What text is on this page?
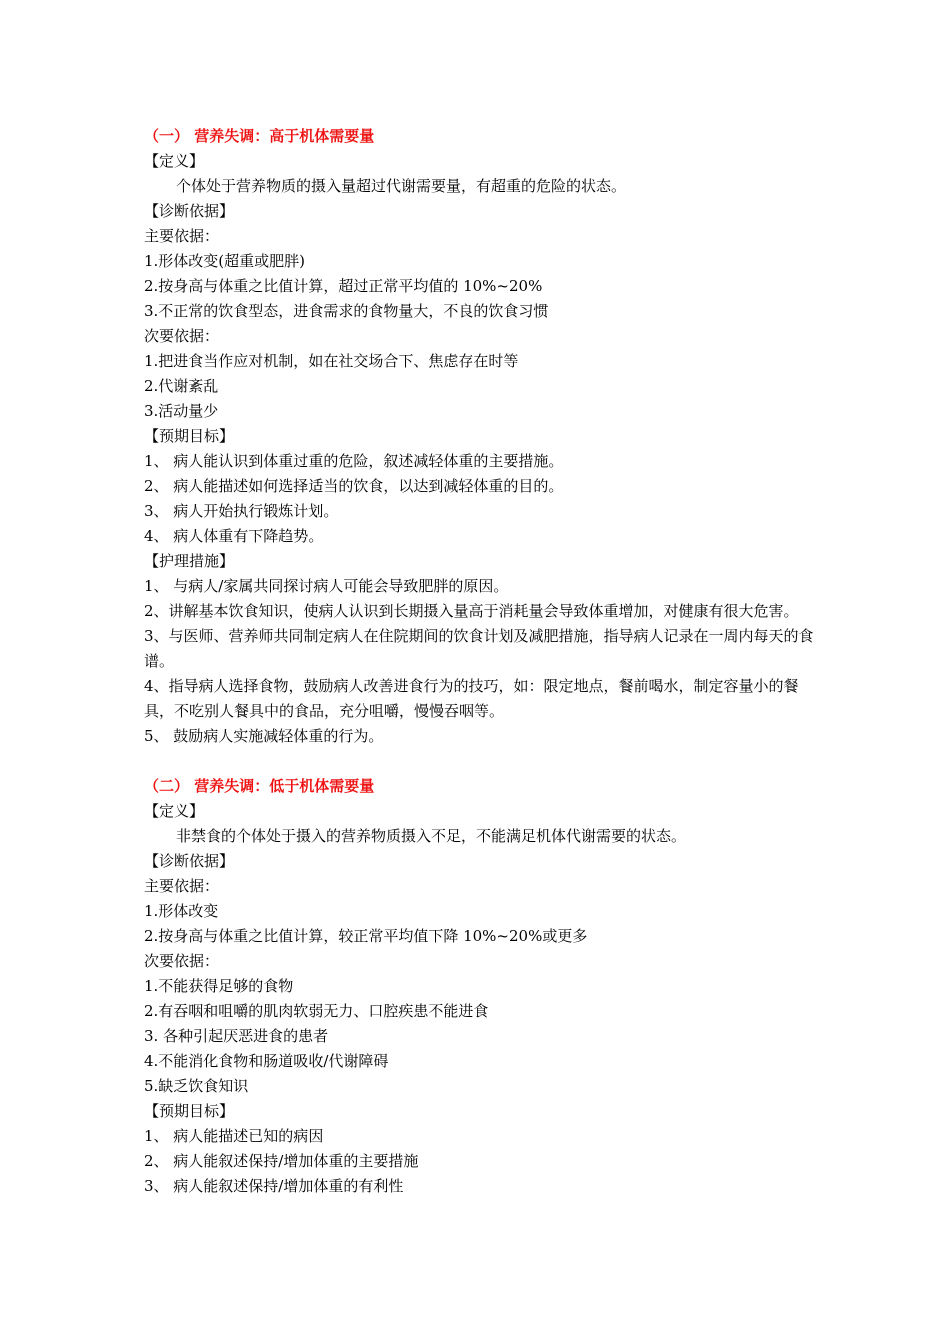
（一） 营养失调：高于机体需要量
【定义】
个体处于营养物质的摄入量超过代谢需要量，有超重的危险的状态。
【诊断依据】
主要依据：
1.形体改变(超重或肥胖)
2.按身高与体重之比值计算，超过正常平均值的 10%~20%
3.不正常的饮食型态，进食需求的食物量大，不良的饮食习惯
次要依据：
1.把进食当作应对机制，如在社交场合下、焦虑存在时等
2.代谢紊乱
3.活动量少
【预期目标】
1、 病人能认识到体重过重的危险，叙述减轻体重的主要措施。
2、 病人能描述如何选择适当的饮食，以达到减轻体重的目的。
3、 病人开始执行锻炼计划。
4、 病人体重有下降趋势。
【护理措施】
1、 与病人/家属共同探讨病人可能会导致肥胖的原因。
2、讲解基本饮食知识，使病人认识到长期摄入量高于消耗量会导致体重增加，对健康有很大危害。
3、与医师、营养师共同制定病人在住院期间的饮食计划及减肥措施，指导病人记录在一周内每天的食谱。
4、指导病人选择食物，鼓励病人改善进食行为的技巧，如：限定地点，餐前喝水，制定容量小的餐具，不吃别人餐具中的食品，充分咀嚼，慢慢吞咽等。
5、 鼓励病人实施减轻体重的行为。
（二） 营养失调：低于机体需要量
【定义】
非禁食的个体处于摄入的营养物质摄入不足，不能满足机体代谢需要的状态。
【诊断依据】
主要依据：
1.形体改变
2.按身高与体重之比值计算，较正常平均值下降 10%~20%或更多
次要依据：
1.不能获得足够的食物
2.有吞咽和咀嚼的肌肉软弱无力、口腔疾患不能进食
3. 各种引起厌恶进食的患者
4.不能消化食物和肠道吸收/代谢障碍
5.缺乏饮食知识
【预期目标】
1、 病人能描述已知的病因
2、 病人能叙述保持/增加体重的主要措施
3、 病人能叙述保持/增加体重的有利性
